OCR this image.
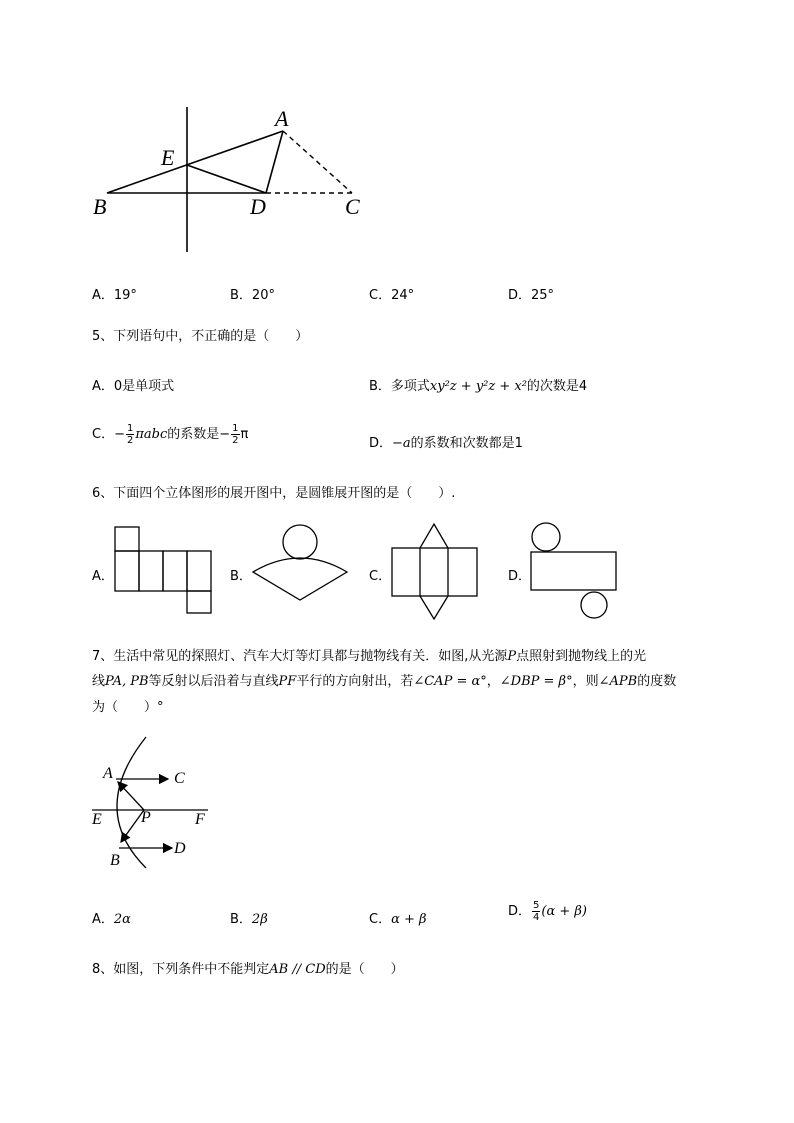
A
E
B	D	C
A．19°	B．20°	C．24°	D．25°
5、下列语句中，不正确的是（　　）
A．0是单项式	B．多项式xy²z + y²z + x²的次数是4
C．− $\frac{1}{2}$ πabc的系数是− $\frac{1}{2}$ π
D．−a的系数和次数都是1
6、下面四个立体图形的展开图中，是圆锥展开图的是（　　）.
A．	B．	C．	D．
7、生活中常见的探照灯、汽车大灯等灯具都与抛物线有关．如图,从光源P点照射到抛物线上的光
线PA, PB等反射以后沿着与直线PF平行的方向射出，若∠CAP = α°，∠DBP = β°，则∠APB的度数
为（　　）°
A	C
E P	F
B
D
A．2α	B．2β	C．α + β
D． $\frac{5}{4} (\alpha + \beta)$
8、如图，下列条件中不能判定AB // CD的是（　　）
